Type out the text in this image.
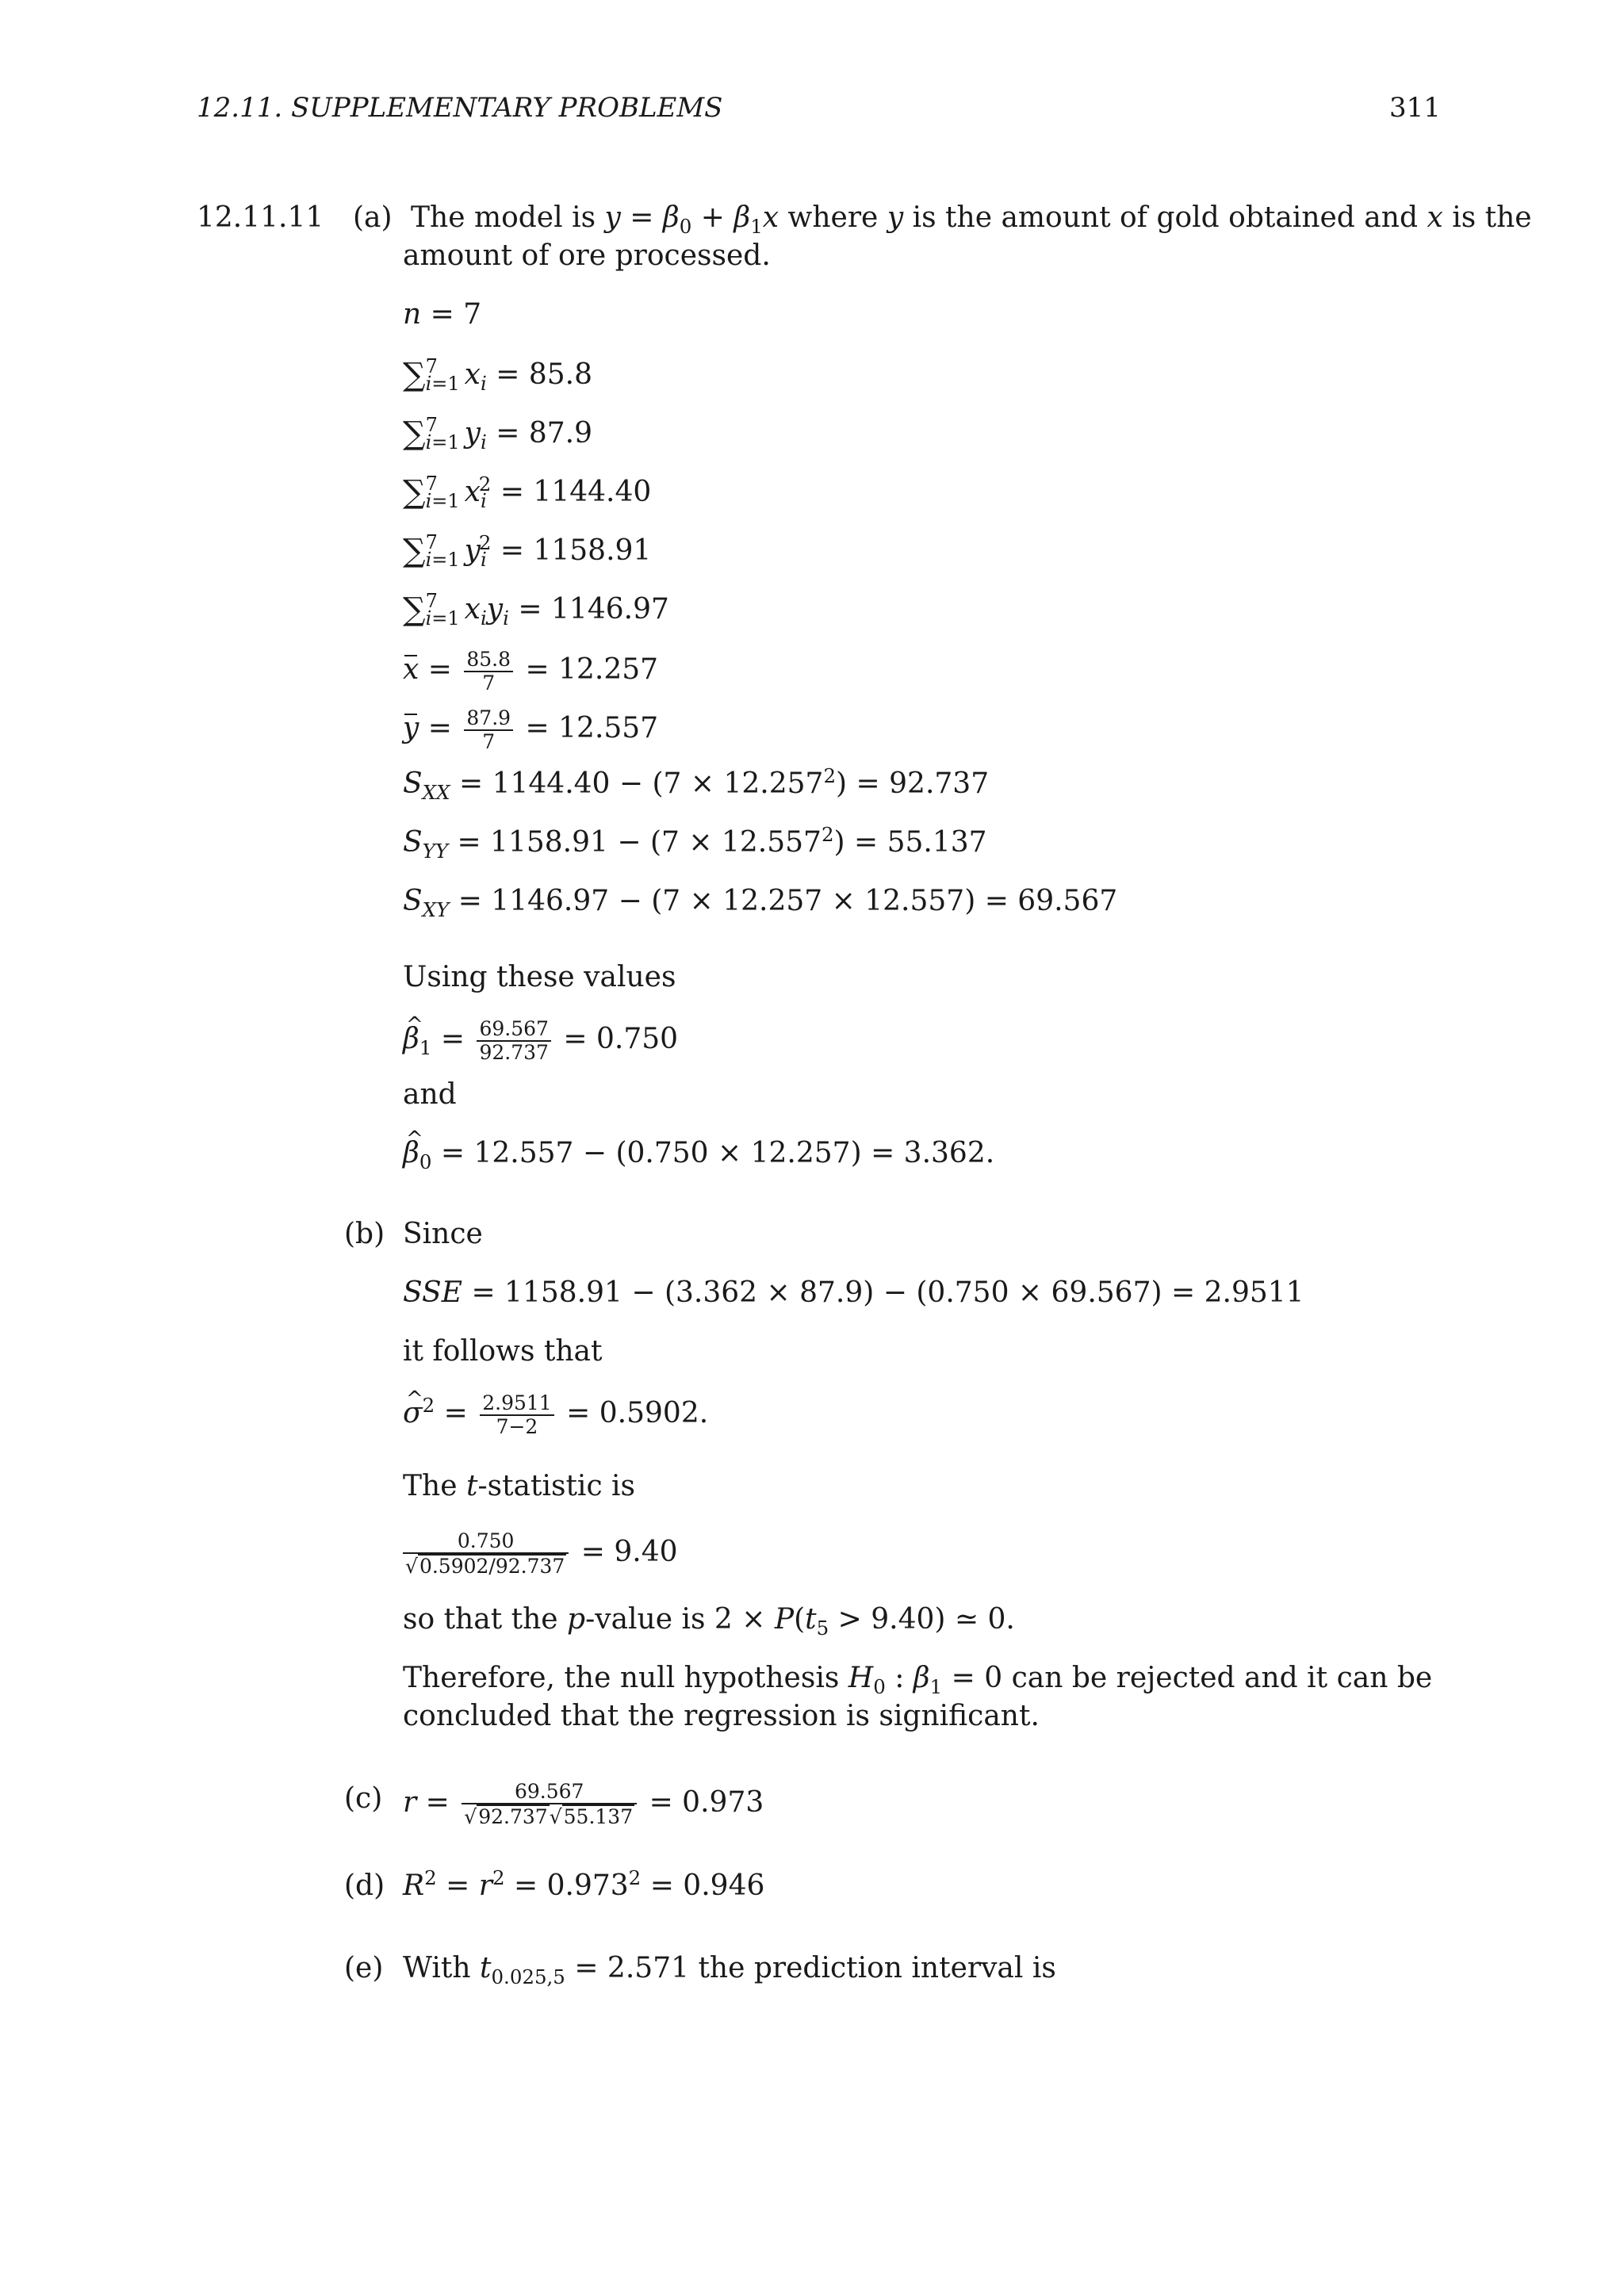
12.11. SUPPLEMENTARY PROBLEMS	311
12.11.11 (a) The model is $y = \beta_0 + \beta_1x$ where y is the amount of gold obtained and x is the
amount of ore processed.
n = 7
∑ 7
i=1 $x_i = 85.8$
∑ 7
i=1 $y_i = 87.9$
∑ 7
i=1 $x_i^2 = 1144.40$
∑ 7
i=1 $y_i^2 = 1158.91$
∑ 7
i=1 $x_iy_i = 1146.97$
$x = \frac{85.8}{7} = 12.257$
$y = \frac{87.9}{7} = 12.557$
$S_{XX} = 1144.40 - (7 \times 12.257^2) = 92.737$
$S_{YY} = 1158.91 - (7 \times 12.557^2) = 55.137$
$S_{XY} = 1146.97 - (7 \times 12.257 \times 12.557) = 69.567$
Using these values
^ $\beta_1 = \frac{69.567}{92.737} = 0.750$
and
^ $\beta_0 = 12.557 - (0.750 \times 12.257) = 3.362$.
(b) Since
SSE = 1158.91 − (3.362 × 87.9) − (0.750 × 69.567) = 2.9511
it follows that
^ $\sigma^2 = \frac{2.9511}{7-2} = 0.5902$.
The t-statistic is
$\frac{0.750}{√0.5902/92.737} = 9.40$
so that the p-value is $2 \times P(t_5 > 9.40)$ ≃ 0.
Therefore, the null hypothesis $H_0$ : $\beta_1 = 0$ can be rejected and it can be
concluded that the regression is significant.
(c) $r = \frac{69.567}{√92.737√55.137} = 0.973$
(d) $R^2 = r^2 = 0.973^2 = 0.946$
(e) With $t_{0.025,5} = 2.571$ the prediction interval is
